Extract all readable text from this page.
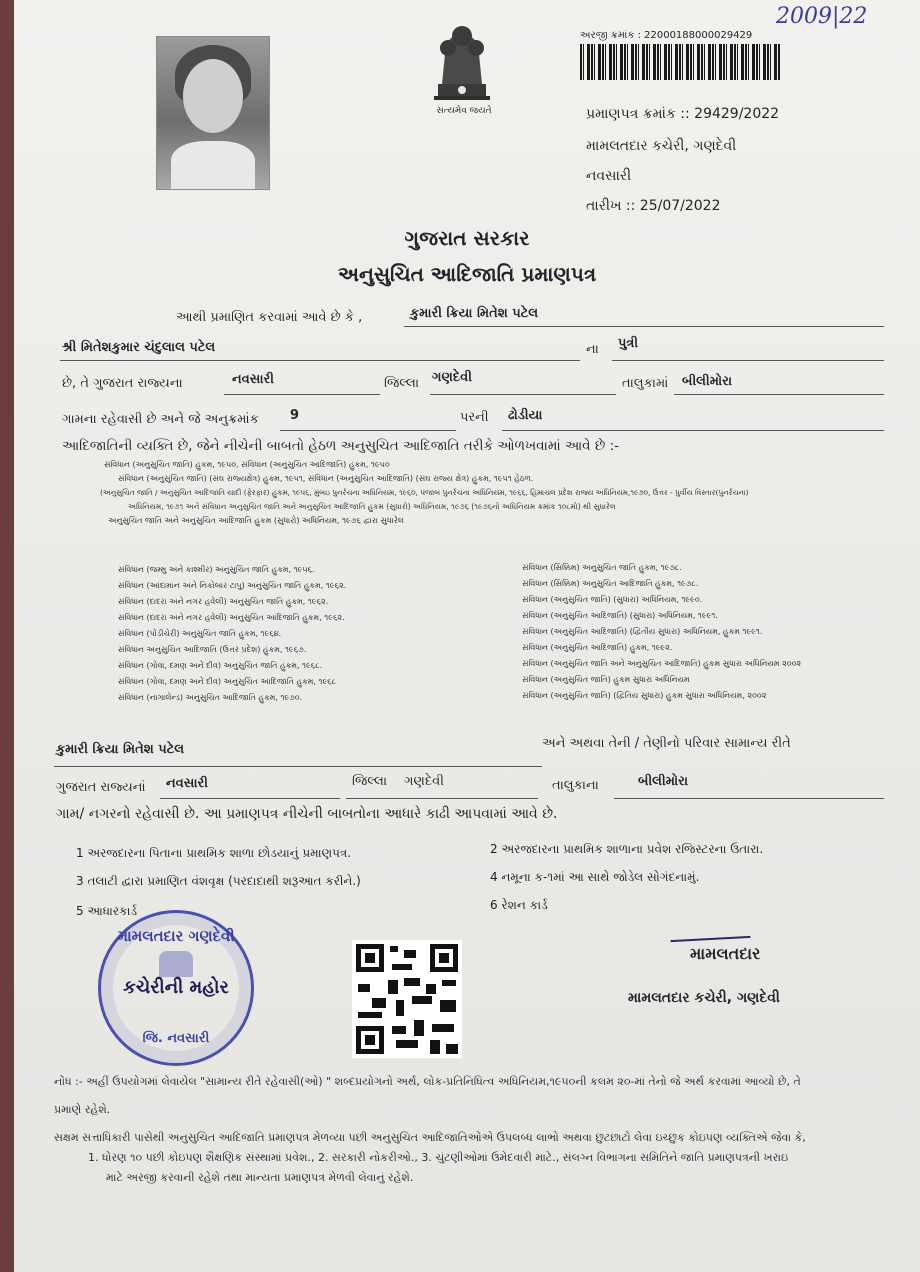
સત્યમેવ જયતે
અરજી ક્રમાંક : 22000188000029429
2009|22
પ્રમાણપત્ર ક્રમાંક :: 29429/2022
મામલતદાર કચેરી, ગણદેવી
નવસારી
તારીખ :: 25/07/2022
ગુજરાત સરકાર
અનુસુચિત આદિજાતિ પ્રમાણપત્ર
આથી પ્રમાણિત કરવામાં આવે છે કે ,	કુમારી ક્રિયા મિતેશ પટેલ
શ્રી મિતેશકુમાર ચંદુલાલ પટેલ	ના પુત્રી
છે, તે ગુજરાત રાજ્યના	નવસારી	જિલ્લા ગણદેવી	તાલુકામાં બીલીમોરા
ગામના રહેવાસી છે અને જે અનુક્રમાંક 9	પરની ઢોડીયા
આદિજાતિની વ્યક્તિ છે, જેને નીચેની બાબતો હેઠળ અનુસુચિત આદિજાતિ તરીકે ઓળખવામાં આવે છે :-
સંવિધાન (અનુસુચિત જાતિ) હુકમ, ૧૯૫૦, સંવિધાન (અનુસુચિત આદિજાતિ) હુકમ, ૧૯૫૦
સંવિધાન (અનુસુચિત જાતિ) (સંઘ રાજ્યક્ષેત્ર) હુકમ, ૧૯૫૧, સંવિધાન (અનુસુચિત આદિજાતિ) (સંઘ રાજ્ય ક્ષેત્ર) હુકમ, ૧૯૫૧ હેઠળ.
(અનુસુચિત જાતિ / અનુસુચિત આદિજાતિ યાદી (ફેરફાર) હુકમ, ૧૯૫૬, મુંબઇ પુનર્રચના અધિનિયમ, ૧૯૬૦, પંજાબ પુનર્રચના અધિનિયમ, ૧૯૬૬, હિમાચલ પ્રદેશ રાજ્ય અધિનિયમ,૧૯૭૦, ઉત્તર - પુર્વીય વિસ્તાર(પુનર્રચના)
અધિનિયમ, ૧૯૭૧ અને સંવિધાન અનુસુચિત જાતિ અને અનુસુચિત આદિજાતિ હુકમ (સુધારો) અધિનિયમ, ૧૯૭૬ (૧૯૭૬નો અધિનિયમ ક્રમાંક ૧૦૮મો) થી સુધારેલ
અનુસુચિત જાતિ અને અનુસુચિત આદિજાતિ હુકમ (સુધારો) અધિનિયમ, ૧૯૭૬ દ્વારા સુધારેલ
સંવિધાન (જમ્મુ અને કાશ્મીર) અનુસુચિત જાતિ હુકમ, ૧૯૫૬.
સંવિધાન (આંદામાન અને નિકોબાર ટાપુ) અનુસુચિત જાતિ હુકમ, ૧૯૬૨.
સંવિધાન (દાદરા અને નગર હવેલી) અનુસુચિત જાતિ હુકમ, ૧૯૬૨.
સંવિધાન (દાદરા અને નગર હવેલી) અનુસુચિત આદિજાતિ હુકમ, ૧૯૬૨.
સંવિધાન (પોંડીચેરી) અનુસુચિત જાતિ હુકમ, ૧૯૬૪.
સંવિધાન અનુસુચિત આદિજાતિ (ઉત્તર પ્રદેશ) હુકમ, ૧૯૬૭.
સંવિધાન (ગોવા, દમણ અને દીવ) અનુસુચિત જાતિ હુકમ, ૧૯૬૮.
સંવિધાન (ગોવા, દમણ અને દીવ) અનુસુચિત આદિજાતિ હુકમ, ૧૯૬૮
સંવિધાન (નાગાલેન્ડ) અનુસુચિત આદિજાતિ હુકમ, ૧૯૭૦.
સંવિધાન (સિક્કિમ) અનુસુચિત જાતિ હુકમ, ૧૯૭૮.
સંવિધાન (સિક્કિમ) અનુસુચિત આદિજાતિ હુકમ, ૧૯૭૮.
સંવિધાન (અનુસુચિત જાતિ) (સુધારા) અધિનિયમ, ૧૯૯૦.
સંવિધાન (અનુસુચિત આદિજાતિ) (સુધારા) અધિનિયમ, ૧૯૯૧.
સંવિધાન (અનુસુચિત આદિજાતિ) (દ્વિતીય સુધારા) અધિનિયમ, હુકમ ૧૯૯૧.
સંવિધાન (અનુસુચિત આદિજાતિ) હુકમ, ૧૯૯૨.
સંવિધાન (અનુસુચિત જાતિ અને અનુસુચિત આદિજાતિ) હુકમ સુધારા અધિનિયમ ૨૦૦૨
સંવિધાન (અનુસુચિત જાતિ) હુકમ સુધારા અધિનિયમ
સંવિધાન (અનુસુચિત જાતિ) (દ્વિતિય સુધારા) હુકમ સુધારા અધિનિયમ, ૨૦૦૨
કુમારી ક્રિયા મિતેશ પટેલ	અને અથવા તેની / તેણીનો પરિવાર સામાન્ય રીતે
ગુજરાત રાજ્યનાં નવસારી	જિલ્લા ગણદેવી	તાલુકાના	બીલીમોરા
ગામ/ નગરનો રહેવાસી છે. આ પ્રમાણપત્ર નીચેની બાબતોના આધારે કાઢી આપવામાં આવે છે.
1 અરજદારના પિતાના પ્રાથમિક શાળા છોડયાનું પ્રમાણપત્ર.	2 અરજદારના પ્રાથમિક શાળાના પ્રવેશ રજિસ્ટરના ઉતારા.
3 તલાટી દ્વારા પ્રમાણિત વંશવૃક્ષ (પરદાદાથી શરૂઆત કરીને.)	4 નમૂના ક-૧માં આ સાથે જોડેલ સોગંદનામું.
5 આધારકાર્ડ	6 રેશન કાર્ડ
મામલતદાર ગણદેવી
કચેરીની મહોર
જિ. નવસારી
મામલતદાર
મામલતદાર કચેરી, ગણદેવી
નોંધ :- અહીં ઉપયોગમાં લેવાયેલ "સામાન્ય રીતે રહેવાસી(ઓ) " શબ્દપ્રયોગનો અર્થ, લોક-પ્રતિનિધિત્વ અધિનિયમ,૧૯૫૦ની કલમ ૨૦-માં તેનો જે અર્થ કરવામાં આવ્યો છે, તે
પ્રમાણે રહેશે.
સક્ષમ સત્તાધિકારી પાસેથી અનુસુચિત આદિજાતિ પ્રમાણપત્ર મેળવ્યા પછી અનુસુચિત આદિજાતિઓએ ઉપલબ્ધ લાભો અથવા છુટછાટો લેવા ઇચ્છુક કોઇપણ વ્યક્તિએ જેવા કે,
1. ધોરણ ૧૦ પછી કોઇપણ શૈક્ષણિક સંસ્થામાં પ્રવેશ., 2. સરકારી નોકરીઓ., 3. ચુંટણીઓમાં ઉમેદવારી માટે., સંલગ્ન વિભાગના સમિતિને જાતિ પ્રમાણપત્રની ખરાઇ
માટે અરજી કરવાની રહેશે તથા માન્યતા પ્રમાણપત્ર મેળવી લેવાનું રહેશે.
